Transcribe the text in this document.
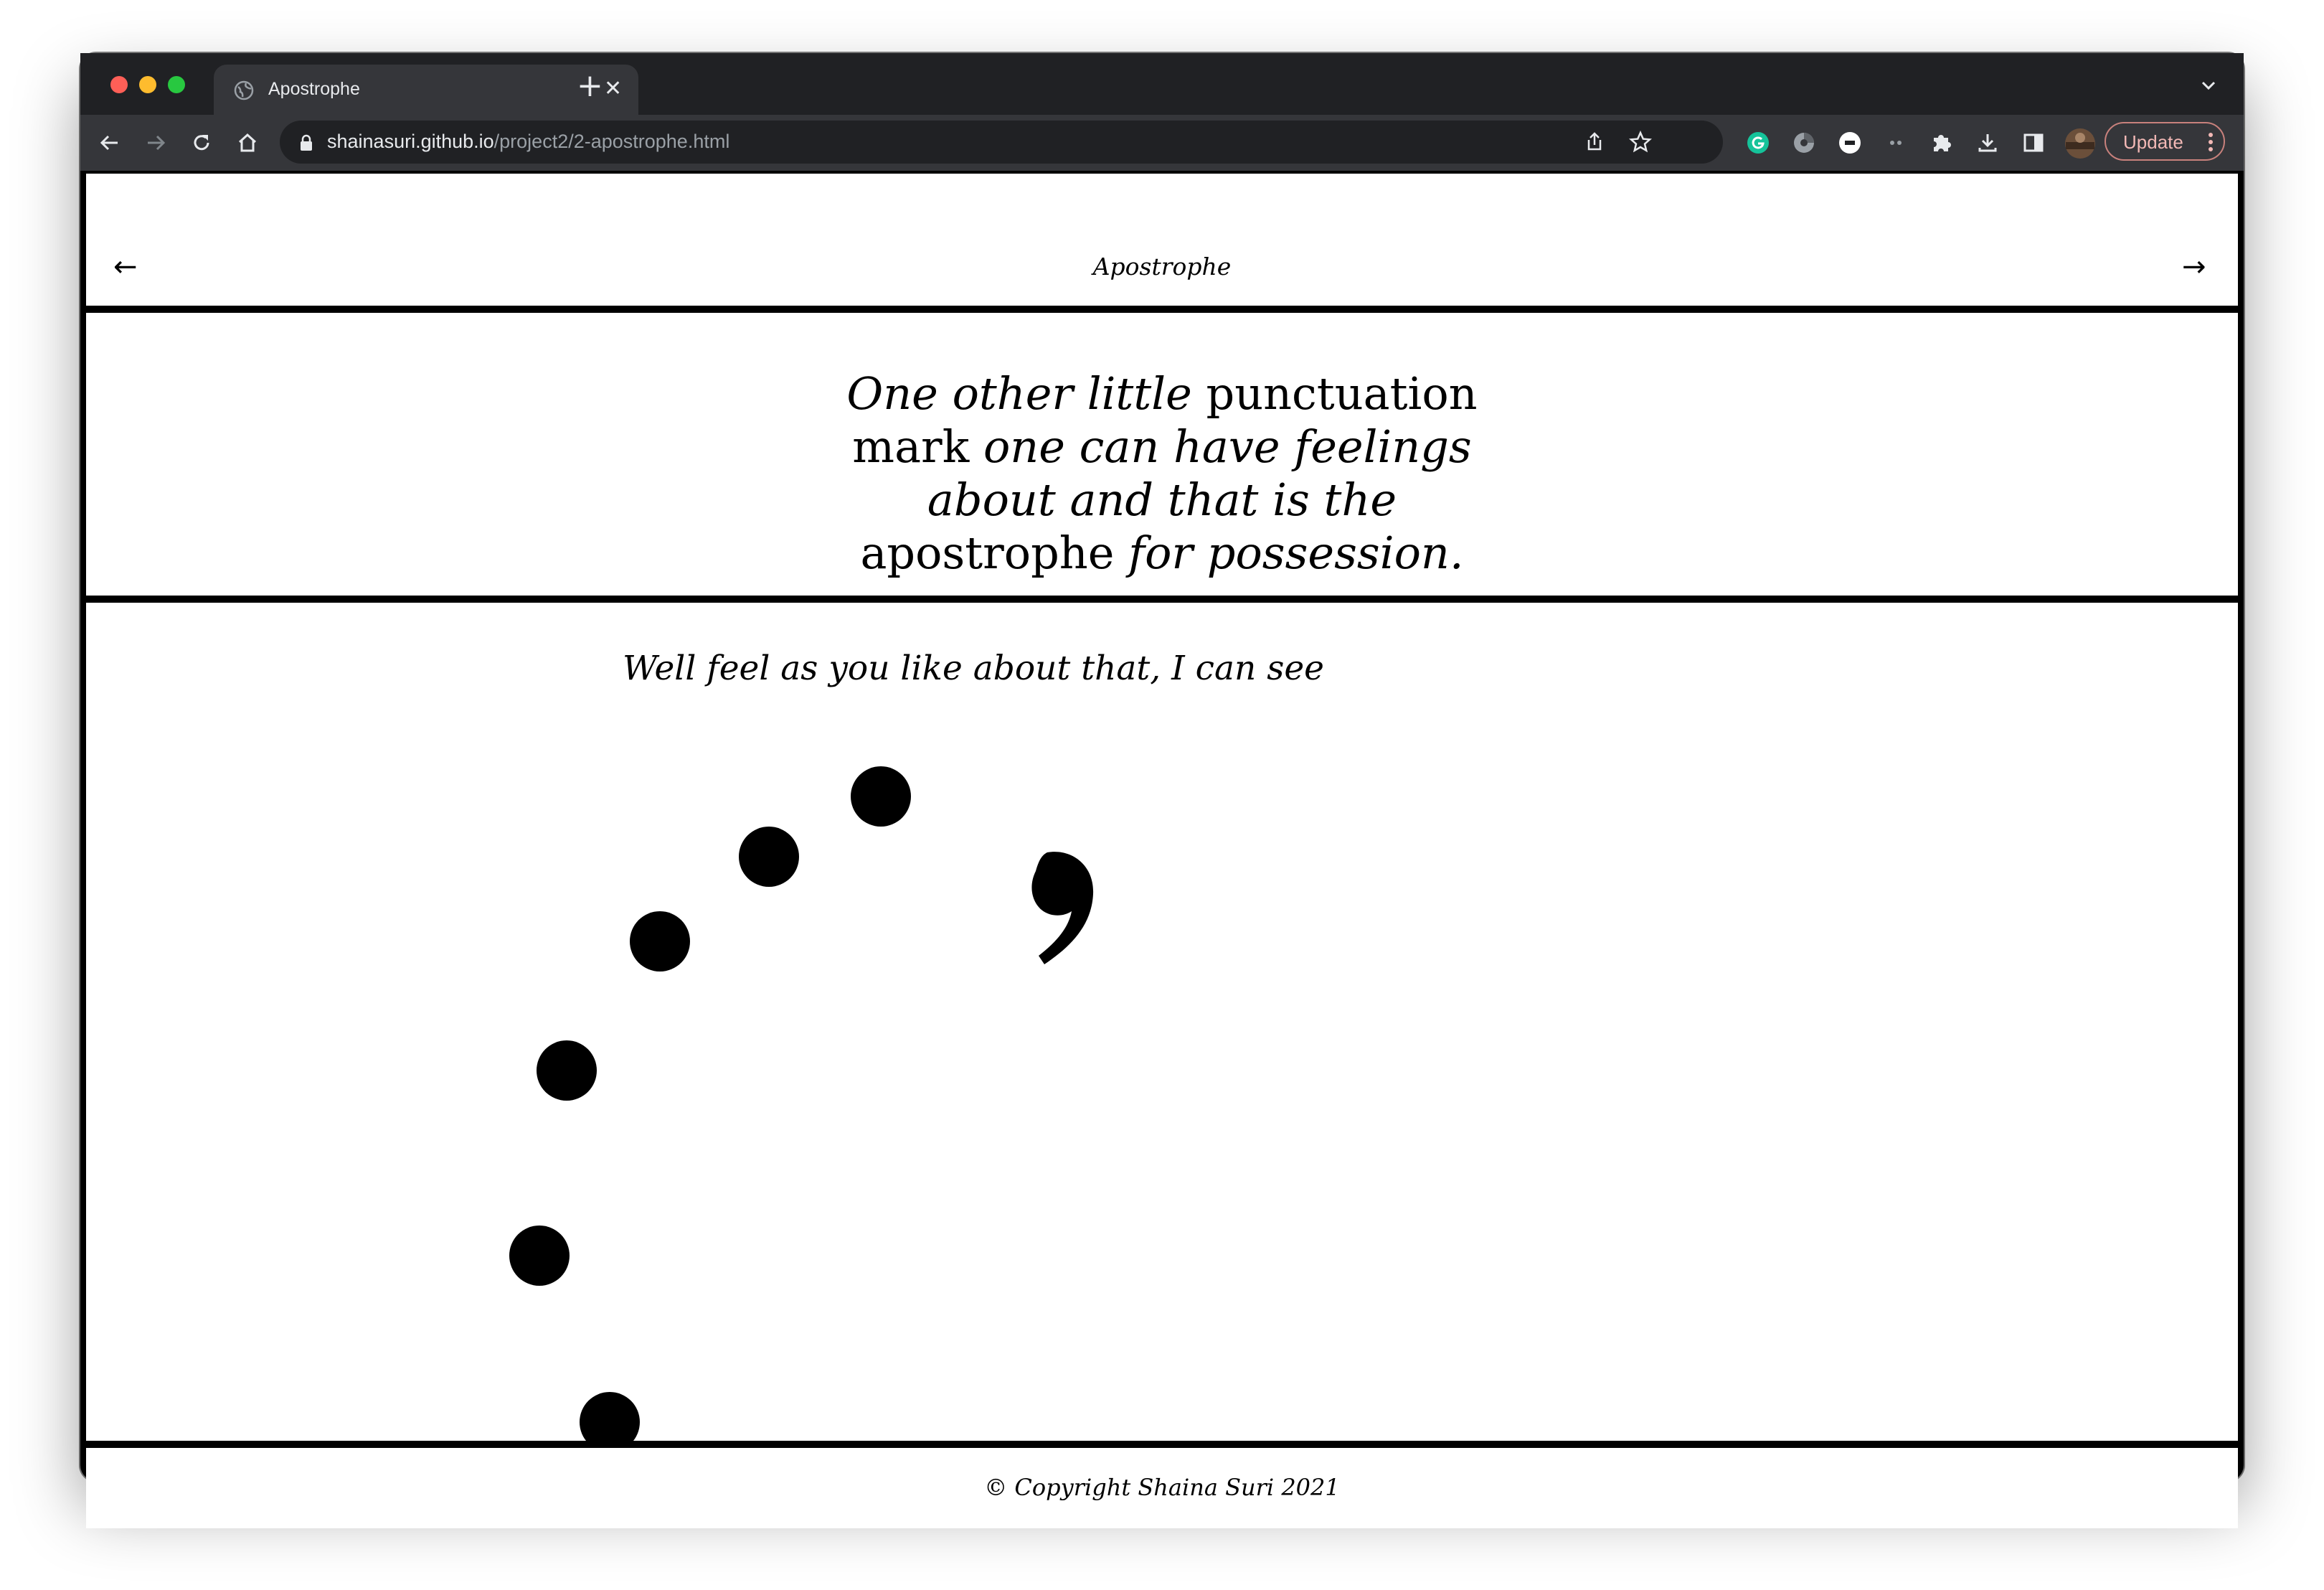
Apostrophe	✕
+
shainasuri.github.io/project2/2-apostrophe.html	Update
←	Apostrophe	→
One other little punctuation mark one can have feelings about and that is the apostrophe for possession.
Well feel as you like about that, I can see
© Copyright Shaina Suri 2021
